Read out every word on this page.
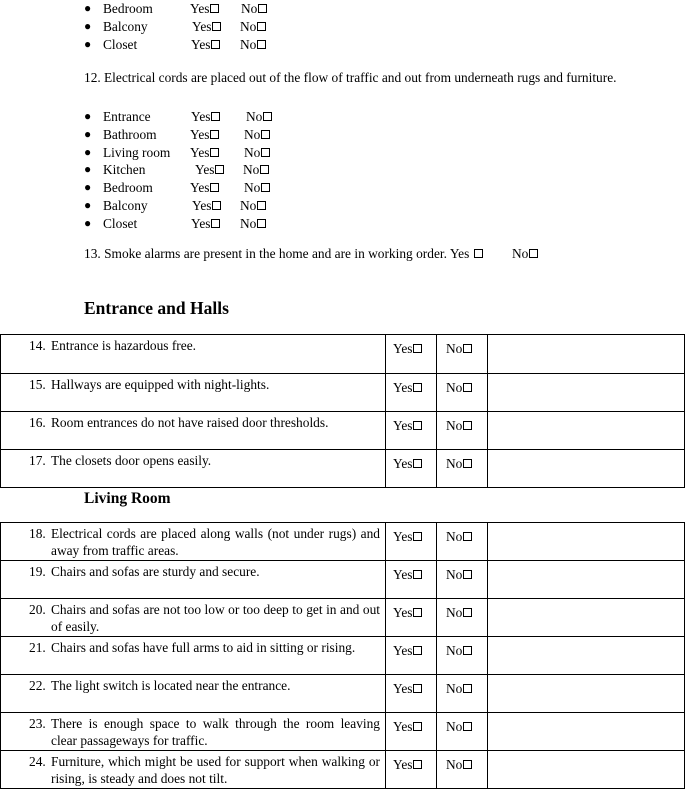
● Bedroom	Yes	No
● Balcony	Yes	No
● Closet	Yes	No
12. Electrical cords are placed out of the flow of traffic and out from underneath rugs and furniture.
● Entrance	Yes	No
● Bathroom Yes	No
● Living room Yes	No
● Kitchen	Yes	No
● Bedroom	Yes	No
● Balcony	Yes	No
● Closet	Yes	No
13. Smoke alarms are present in the home and are in working order. Yes	No
Entrance and Halls
14. Entrance is hazardous free.	Yes	No	

15. Hallways are equipped with night-lights.	Yes	No	

16. Room entrances do not have raised door thresholds.	Yes	No	

17. The closets door opens easily.	Yes	No	

Living Room
18. Electrical cords are placed along walls (not under rugs) and away from traffic areas.	Yes	No	

19. Chairs and sofas are sturdy and secure.	Yes	No	

20. Chairs and sofas are not too low or too deep to get in and out of easily.	Yes	No	

21. Chairs and sofas have full arms to aid in sitting or rising.	Yes	No	

22. The light switch is located near the entrance.	Yes	No	

23. There is enough space to walk through the room leaving clear passageways for traffic.	Yes	No	

24. Furniture, which might be used for support when walking or rising, is steady and does not tilt.	Yes	No	
